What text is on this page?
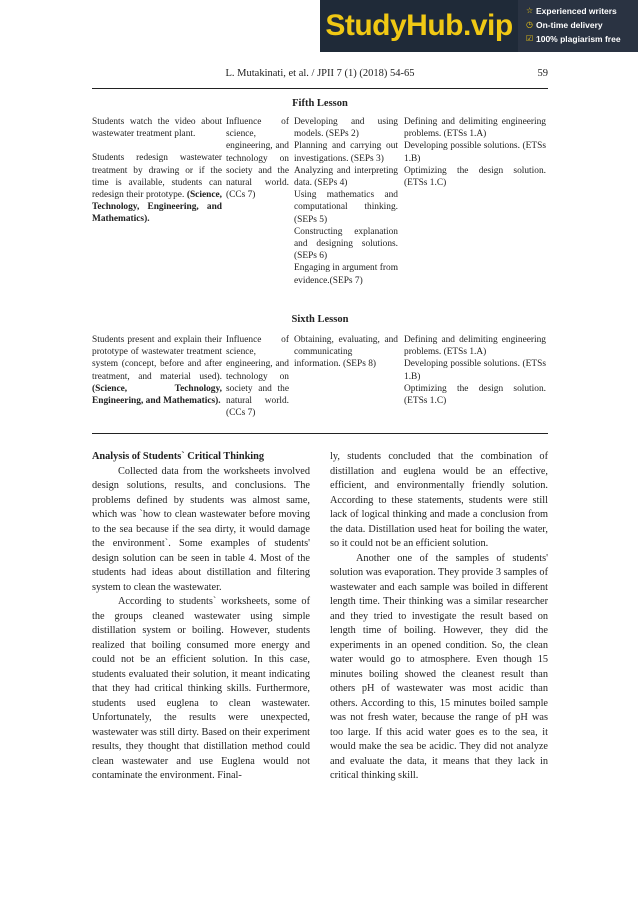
StudyHub.vip	☆ Experienced writers
◷ On-time delivery
☑ 100% plagiarism free
L. Mutakinati, et al. / JPII 7 (1) (2018) 54-65	59
Fifth Lesson

Students watch the video about wastewater treatment plant.

Students redesign wastewater treatment by drawing or if the time is available, students can redesign their prototype. (Science, Technology, Engineering, and Mathematics).

Influence of science, engineering, and technology on society and the natural world. (CCs 7)

Developing and using models. (SEPs 2)

Planning and carrying out investigations. (SEPs 3)

Analyzing and interpreting data. (SEPs 4)

Using mathematics and computational thinking. (SEPs 5)

Constructing explanation and designing solutions. (SEPs 6)

Engaging in argument from evidence.(SEPs 7)

Defining and delimiting engineering problems. (ETSs 1.A)

Developing possible solutions. (ETSs 1.B)

Optimizing the design solution. (ETSs 1.C)

Sixth Lesson

Students present and explain their prototype of wastewater treatment system (concept, before and after treatment, and material used). (Science, Technology, Engineering, and Mathematics).

Influence of science, engineering, and technology on society and the natural world. (CCs 7)

Obtaining, evaluating, and communicating information. (SEPs 8)

Defining and delimiting engineering problems. (ETSs 1.A)

Developing possible solutions. (ETSs 1.B)

Optimizing the design solution. (ETSs 1.C)

Analysis of Students` Critical Thinking

Collected data from the worksheets involved design solutions, results, and conclusions. The problems defined by students was almost same, which was `how to clean wastewater before moving to the sea because if the sea dirty, it would damage the environment`. Some examples of students' design solution can be seen in table 4. Most of the students had ideas about distillation and filtering system to clean the wastewater.

According to students` worksheets, some of the groups cleaned wastewater using simple distillation system or boiling. However, students realized that boiling consumed more energy and could not be an efficient solution. In this case, students evaluated their solution, it meant indicating that they had critical thinking skills. Furthermore, students used euglena to clean wastewater. Unfortunately, the results were unexpected, wastewater was still dirty. Based on their experiment results, they thought that distillation method could clean wastewater and use Euglena would not contaminate the environment. Final-

ly, students concluded that the combination of distillation and euglena would be an effective, efficient, and environmentally friendly solution. According to these statements, students were still lack of logical thinking and made a conclusion from the data. Distillation used heat for boiling the water, so it could not be an efficient solution.

Another one of the samples of students' solution was evaporation. They provide 3 samples of wastewater and each sample was boiled in different length time. Their thinking was a similar researcher and they tried to investigate the result based on length time of boiling. However, they did the experiments in an opened condition. So, the clean water would go to atmosphere. Even though 15 minutes boiling showed the cleanest result than others pH of wastewater was most acidic than others. According to this, 15 minutes boiled sample was not fresh water, because the range of pH was too large. If this acid water goes es to the sea, it would make the sea be acidic. They did not analyze and evaluate the data, it means that they lack in critical thinking skill.
